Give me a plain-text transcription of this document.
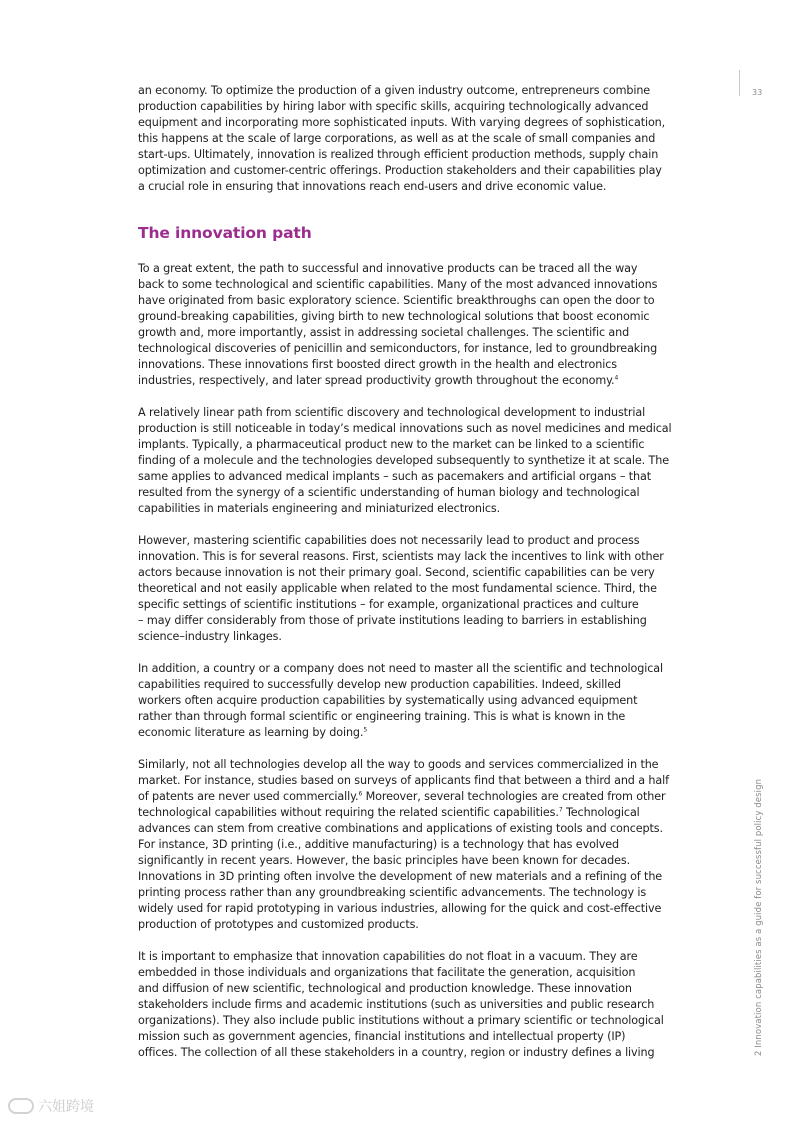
33
2 Innovation capabilities as a guide for successful policy design

an economy. To optimize the production of a given industry outcome, entrepreneurs combine
production capabilities by hiring labor with specific skills, acquiring technologically advanced
equipment and incorporating more sophisticated inputs. With varying degrees of sophistication,
this happens at the scale of large corporations, as well as at the scale of small companies and
start-ups. Ultimately, innovation is realized through efficient production methods, supply chain
optimization and customer-centric offerings. Production stakeholders and their capabilities play
a crucial role in ensuring that innovations reach end-users and drive economic value.

The innovation path

To a great extent, the path to successful and innovative products can be traced all the way
back to some technological and scientific capabilities. Many of the most advanced innovations
have originated from basic exploratory science. Scientific breakthroughs can open the door to
ground-breaking capabilities, giving birth to new technological solutions that boost economic
growth and, more importantly, assist in addressing societal challenges. The scientific and
technological discoveries of penicillin and semiconductors, for instance, led to groundbreaking
innovations. These innovations first boosted direct growth in the health and electronics
industries, respectively, and later spread productivity growth throughout the economy.$^4$

A relatively linear path from scientific discovery and technological development to industrial
production is still noticeable in today’s medical innovations such as novel medicines and medical
implants. Typically, a pharmaceutical product new to the market can be linked to a scientific
finding of a molecule and the technologies developed subsequently to synthetize it at scale. The
same applies to advanced medical implants – such as pacemakers and artificial organs – that
resulted from the synergy of a scientific understanding of human biology and technological
capabilities in materials engineering and miniaturized electronics.

However, mastering scientific capabilities does not necessarily lead to product and process
innovation. This is for several reasons. First, scientists may lack the incentives to link with other
actors because innovation is not their primary goal. Second, scientific capabilities can be very
theoretical and not easily applicable when related to the most fundamental science. Third, the
specific settings of scientific institutions – for example, organizational practices and culture
– may differ considerably from those of private institutions leading to barriers in establishing
science–industry linkages.

In addition, a country or a company does not need to master all the scientific and technological
capabilities required to successfully develop new production capabilities. Indeed, skilled
workers often acquire production capabilities by systematically using advanced equipment
rather than through formal scientific or engineering training. This is what is known in the
economic literature as learning by doing.$^5$

Similarly, not all technologies develop all the way to goods and services commercialized in the
market. For instance, studies based on surveys of applicants find that between a third and a half
of patents are never used commercially.$^6$ Moreover, several technologies are created from other
technological capabilities without requiring the related scientific capabilities.$^7$ Technological
advances can stem from creative combinations and applications of existing tools and concepts.
For instance, 3D printing (i.e., additive manufacturing) is a technology that has evolved
significantly in recent years. However, the basic principles have been known for decades.
Innovations in 3D printing often involve the development of new materials and a refining of the
printing process rather than any groundbreaking scientific advancements. The technology is
widely used for rapid prototyping in various industries, allowing for the quick and cost-effective
production of prototypes and customized products.

It is important to emphasize that innovation capabilities do not float in a vacuum. They are
embedded in those individuals and organizations that facilitate the generation, acquisition
and diffusion of new scientific, technological and production knowledge. These innovation
stakeholders include firms and academic institutions (such as universities and public research
organizations). They also include public institutions without a primary scientific or technological
mission such as government agencies, financial institutions and intellectual property (IP)
offices. The collection of all these stakeholders in a country, region or industry defines a living

六姐跨境
